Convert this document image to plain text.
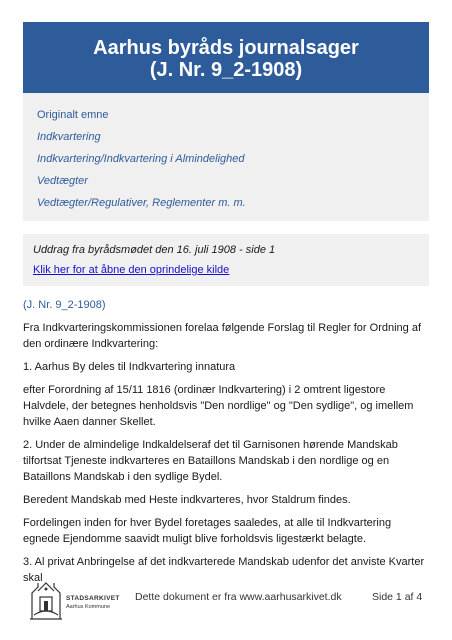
Aarhus byråds journalsager
(J. Nr. 9_2-1908)
Originalt emne
Indkvartering
Indkvartering/Indkvartering i Almindelighed
Vedtægter
Vedtægter/Regulativer, Reglementer m. m.
Uddrag fra byrådsmødet den 16. juli 1908 - side 1
Klik her for at åbne den oprindelige kilde

(J. Nr. 9_2-1908)

Fra Indkvarteringskommissionen forelaa følgende Forslag til Regler for Ordning af den ordinære Indkvartering:

1. Aarhus By deles til Indkvartering innatura

efter Forordning af 15/11 1816 (ordinær Indkvartering) i 2 omtrent ligestore Halvdele, der betegnes henholdsvis "Den nordlige" og "Den sydlige", og imellem hvilke Aaen danner Skellet.

2. Under de almindelige Indkaldelseraf det til Garnisonen hørende Mandskab tilfortsat Tjeneste indkvarteres en Bataillons Mandskab i den nordlige og en Bataillons Mandskab i den sydlige Bydel.

Beredent Mandskab med Heste indkvarteres, hvor Staldrum findes.

Fordelingen inden for hver Bydel foretages saaledes, at alle til Indkvartering egnede Ejendomme saavidt muligt blive forholdsvis ligestærkt belagte.

3. Al privat Anbringelse af det indkvarterede Mandskab udenfor det anviste Kvarter skal

STADSARKIVET
Aarhus Kommune
Dette dokument er fra www.aarhusarkivet.dk	Side 1 af 4
